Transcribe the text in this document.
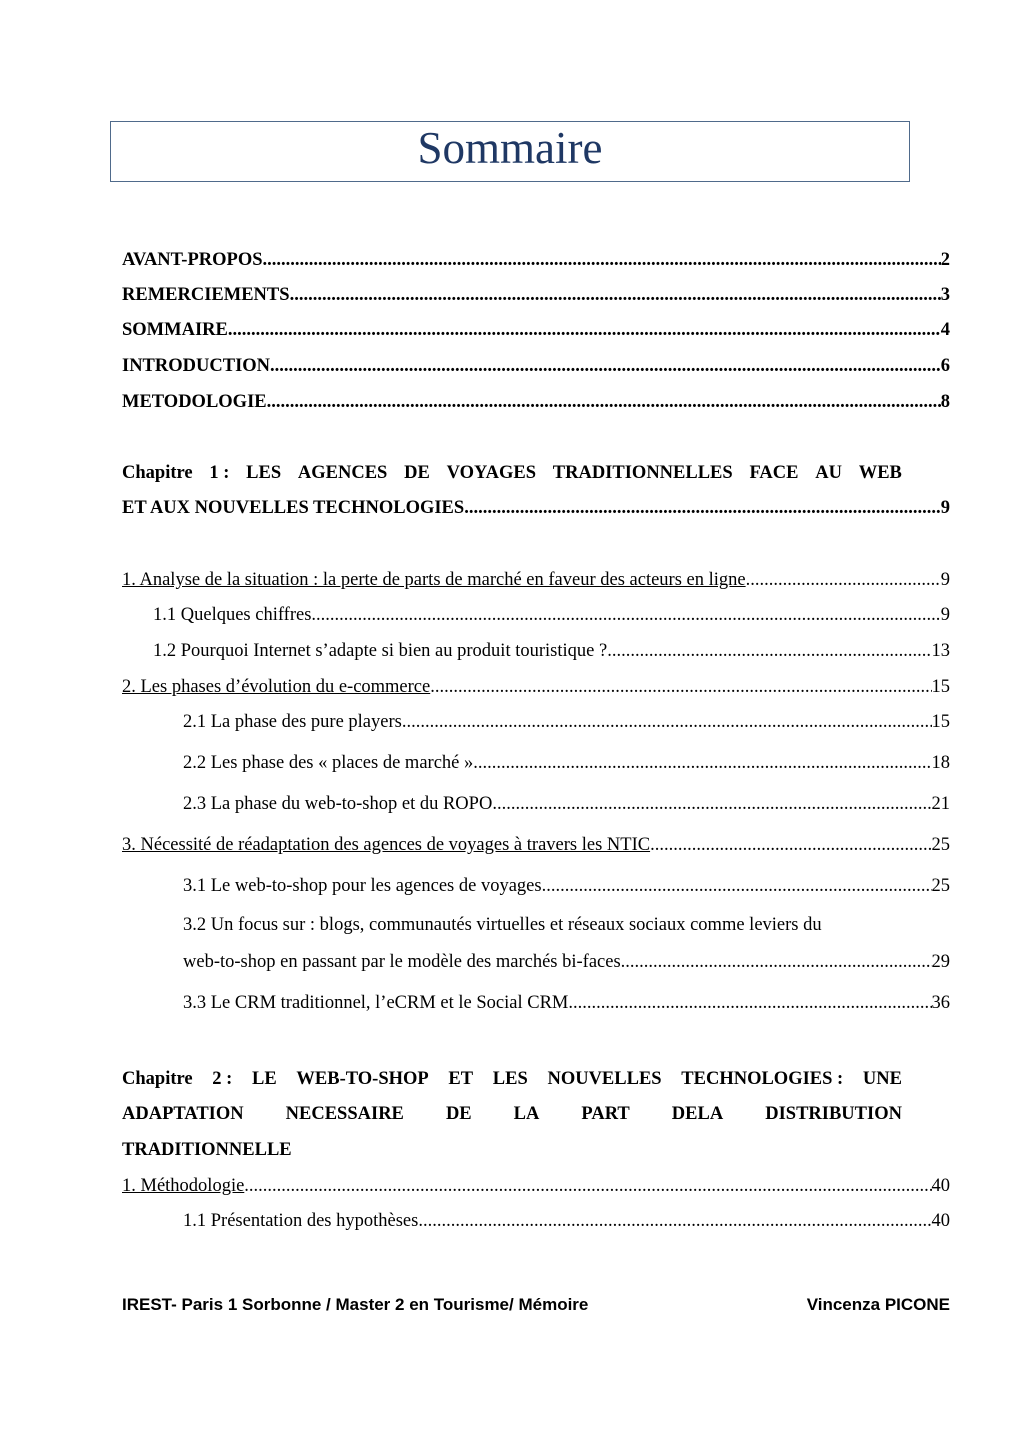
Sommaire
AVANT-PROPOS .....	2
REMERCIEMENTS .....	3
SOMMAIRE .....	4
INTRODUCTION .....	6
METODOLOGIE. .....	8
Chapitre 1 : LES AGENCES DE VOYAGES TRADITIONNELLES FACE AU WEB
ET AUX NOUVELLES TECHNOLOGIES .....	9
1. Analyse de la situation : la perte de parts de marché en faveur des acteurs en ligne .....	9
1.1 Quelques chiffres. .....	9
1.2 Pourquoi Internet s’adapte si bien au produit touristique ? .....	13
2. Les phases d’évolution du e-commerce .....	15
2.1 La phase des pure players .....	15
2.2 Les phase des « places de marché » .....	18
2.3 La phase du web-to-shop et du ROPO .....	21
3. Nécessité de réadaptation des agences de voyages à travers les NTIC .....	25
3.1 Le web-to-shop pour les agences de voyages. .....	25
3.2 Un focus sur : blogs, communautés virtuelles et réseaux sociaux comme leviers du
web-to-shop en passant par le modèle des marchés bi-faces .....	29
3.3 Le CRM traditionnel, l’eCRM et le Social CRM .....	36
Chapitre 2 : LE WEB-TO-SHOP ET LES NOUVELLES TECHNOLOGIES : UNE
ADAPTATION NECESSAIRE DE LA PART DELA DISTRIBUTION
TRADITIONNELLE
1. Méthodologie .....	40
1.1 Présentation des hypothèses .....	40
IREST- Paris 1 Sorbonne / Master 2 en Tourisme/ Mémoire	Vincenza PICONE
